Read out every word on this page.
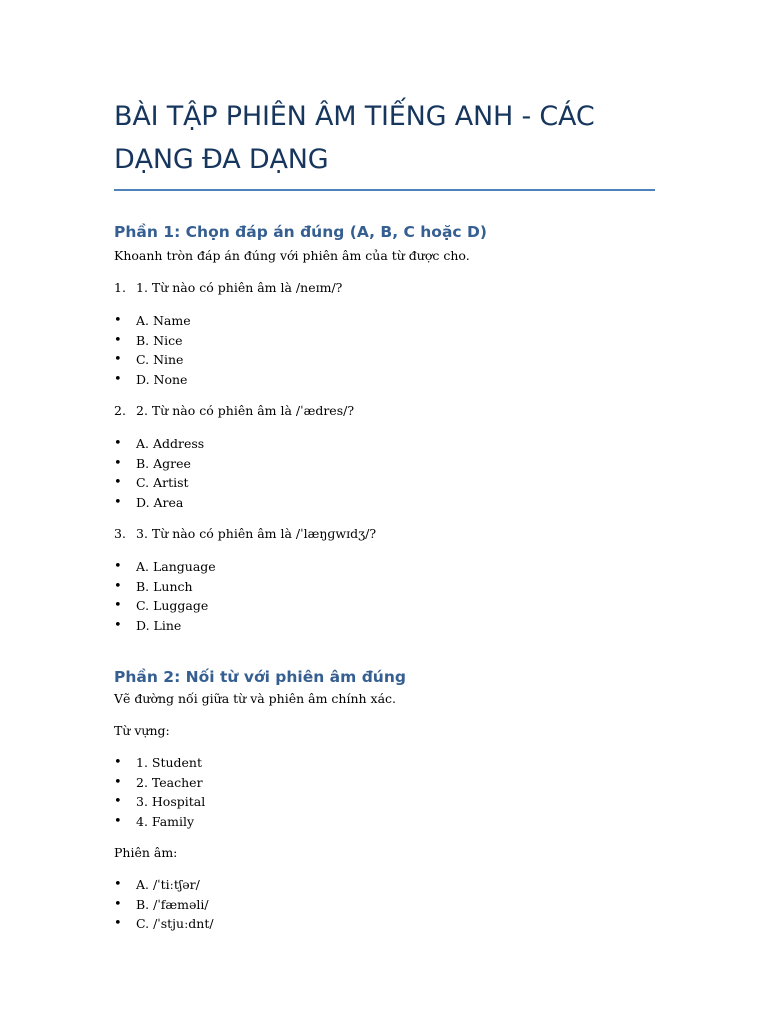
BÀI TẬP PHIÊN ÂM TIẾNG ANH - CÁC DẠNG ĐA DẠNG
Phần 1: Chọn đáp án đúng (A, B, C hoặc D)

Khoanh tròn đáp án đúng với phiên âm của từ được cho.

1. 1. Từ nào có phiên âm là /neɪm/?
• A. Name
• B. Nice
• C. Nine
• D. None
2. 2. Từ nào có phiên âm là /ˈædres/?
• A. Address
• B. Agree
• C. Artist
• D. Area
3. 3. Từ nào có phiên âm là /ˈlæŋɡwɪdʒ/?
• A. Language
• B. Lunch
• C. Luggage
• D. Line
Phần 2: Nối từ với phiên âm đúng

Vẽ đường nối giữa từ và phiên âm chính xác.

Từ vựng:

• 1. Student
• 2. Teacher
• 3. Hospital
• 4. Family

Phiên âm:

• A. /ˈtiːtʃər/
• B. /ˈfæməli/
• C. /ˈstjuːdnt/
